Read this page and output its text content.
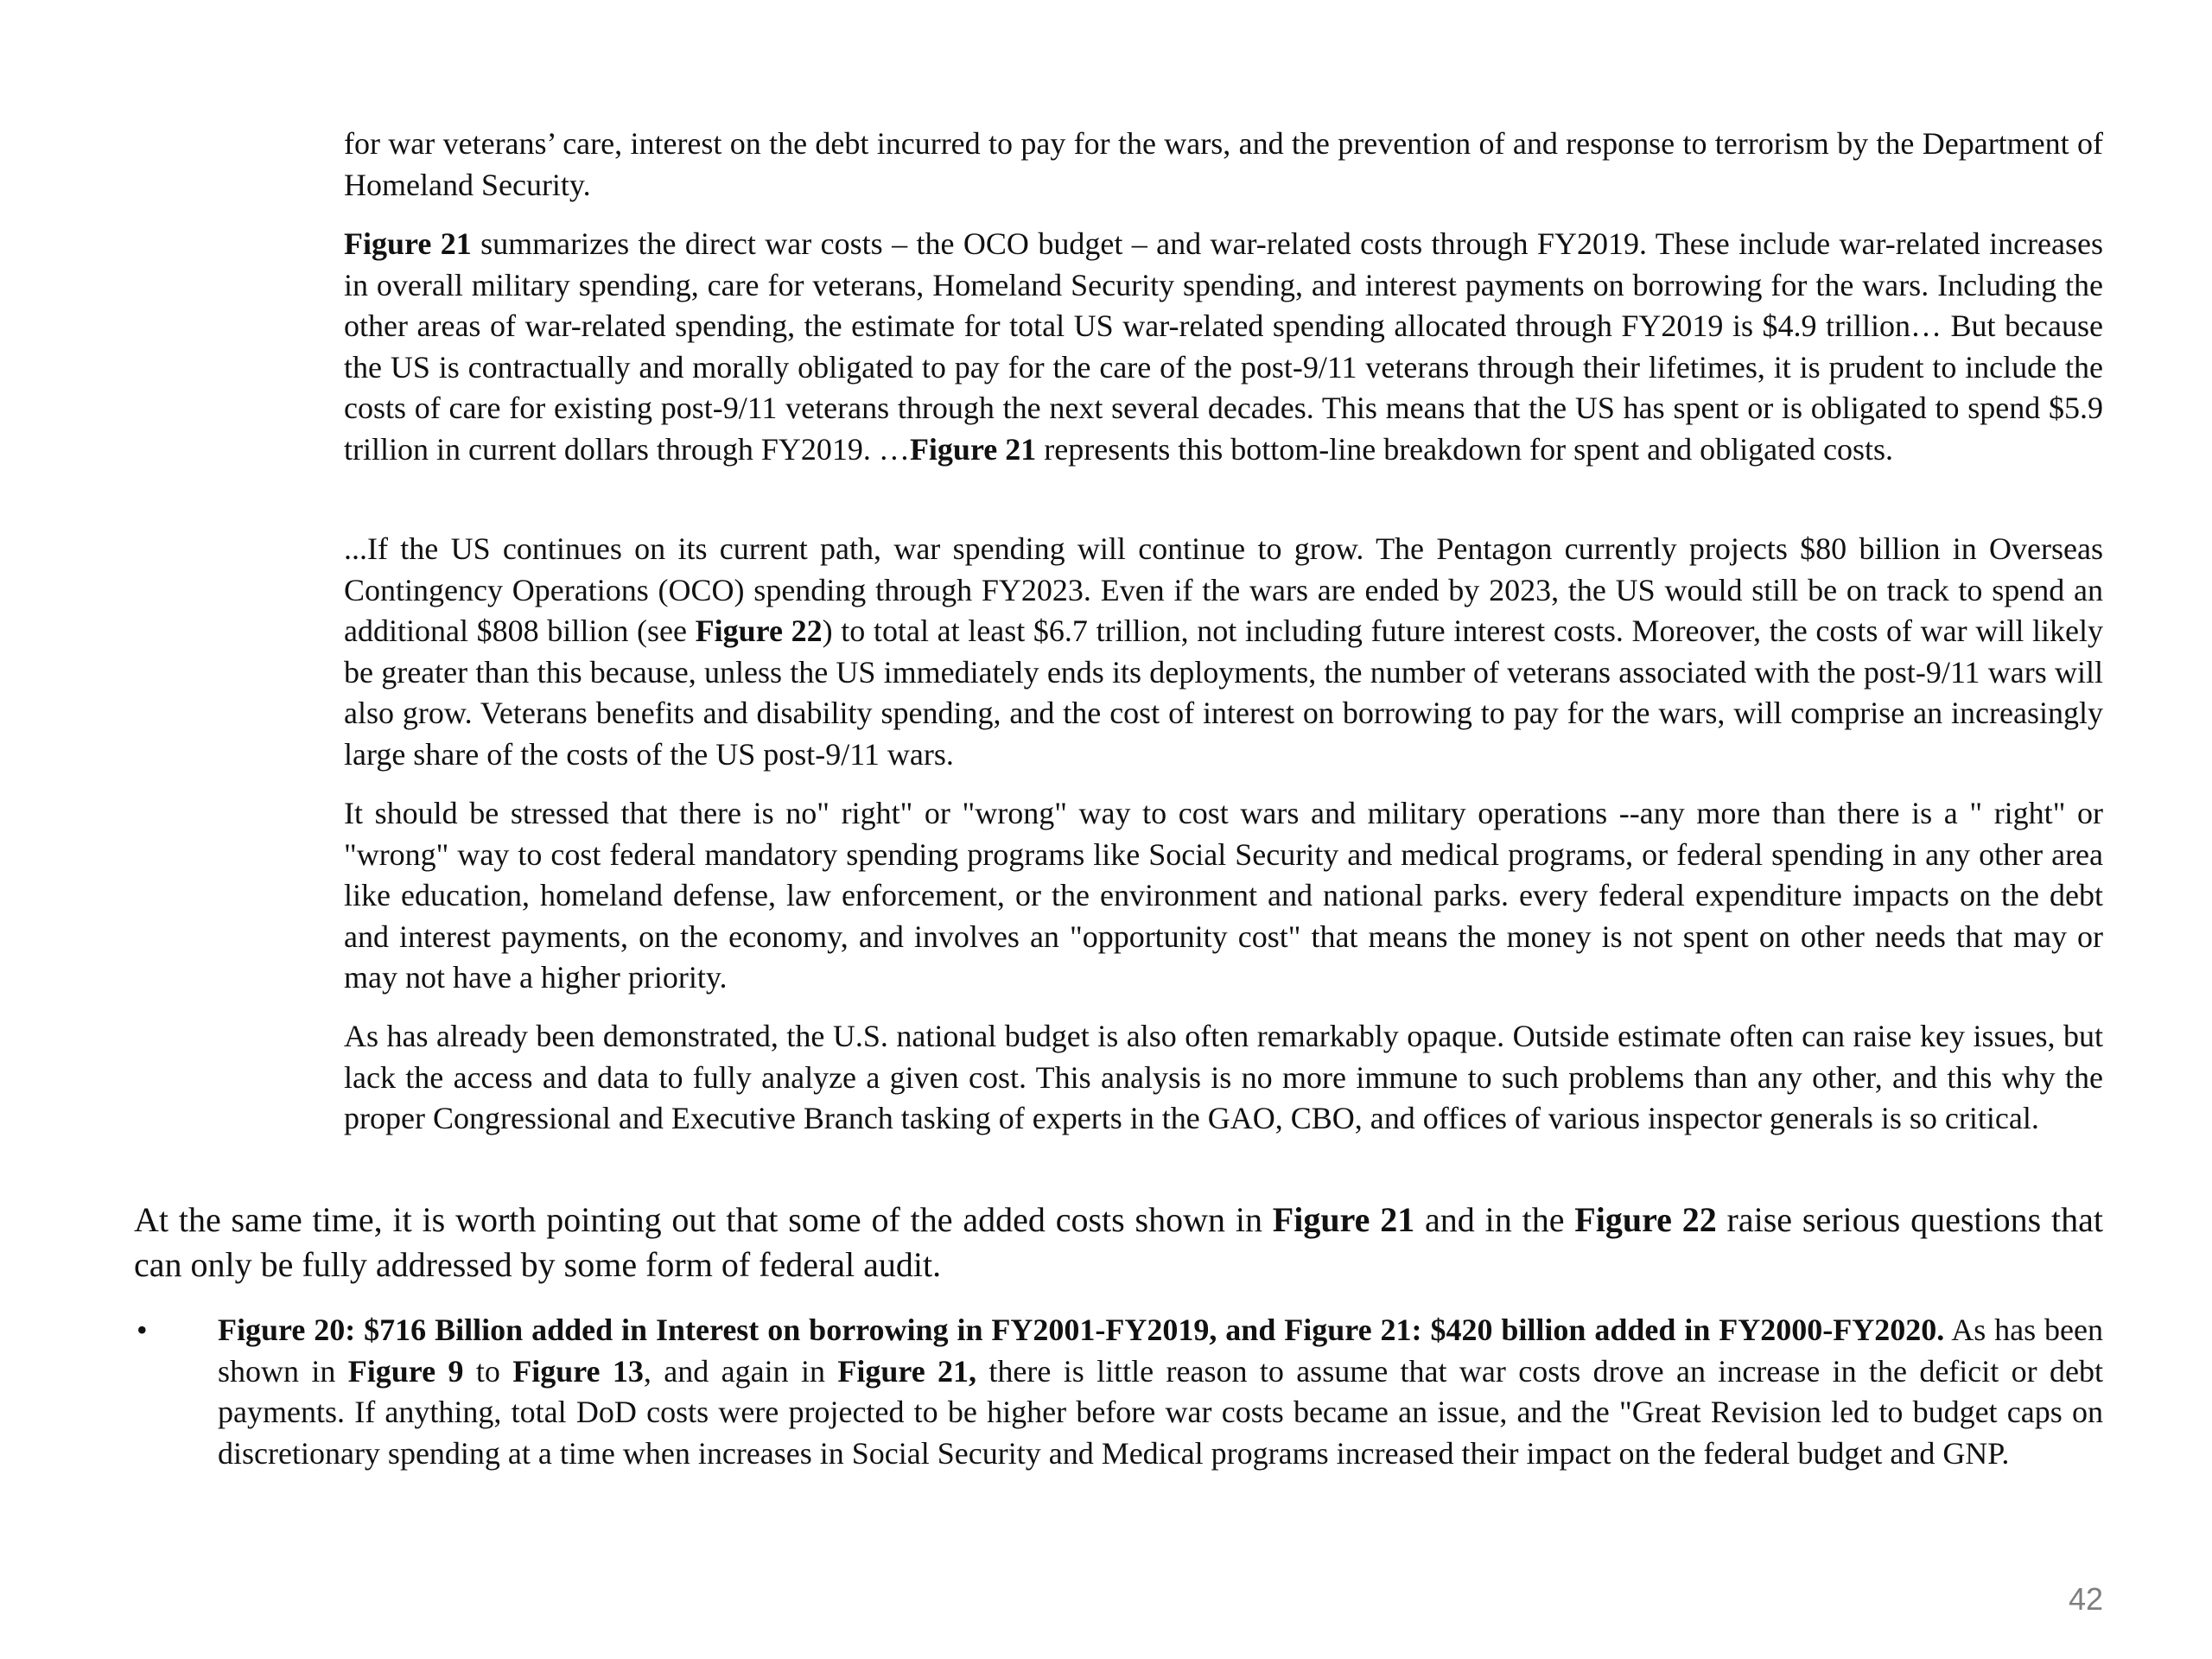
for war veterans’ care, interest on the debt incurred to pay for the wars, and the prevention of and response to terrorism by the Department of Homeland Security.

Figure 21 summarizes the direct war costs – the OCO budget – and war-related costs through FY2019. These include war-related increases in overall military spending, care for veterans, Homeland Security spending, and interest payments on borrowing for the wars. Including the other areas of war-related spending, the estimate for total US war-related spending allocated through FY2019 is $4.9 trillion… But because the US is contractually and morally obligated to pay for the care of the post-9/11 veterans through their lifetimes, it is prudent to include the costs of care for existing post-9/11 veterans through the next several decades. This means that the US has spent or is obligated to spend $5.9 trillion in current dollars through FY2019. …Figure 21 represents this bottom-line breakdown for spent and obligated costs.

...If the US continues on its current path, war spending will continue to grow. The Pentagon currently projects $80 billion in Overseas Contingency Operations (OCO) spending through FY2023. Even if the wars are ended by 2023, the US would still be on track to spend an additional $808 billion (see Figure 22) to total at least $6.7 trillion, not including future interest costs. Moreover, the costs of war will likely be greater than this because, unless the US immediately ends its deployments, the number of veterans associated with the post-9/11 wars will also grow. Veterans benefits and disability spending, and the cost of interest on borrowing to pay for the wars, will comprise an increasingly large share of the costs of the US post-9/11 wars.

It should be stressed that there is no" right" or "wrong" way to cost wars and military operations --any more than there is a " right" or "wrong" way to cost federal mandatory spending programs like Social Security and medical programs, or federal spending in any other area like education, homeland defense, law enforcement, or the environment and national parks. every federal expenditure impacts on the debt and interest payments, on the economy, and involves an "opportunity cost" that means the money is not spent on other needs that may or may not have a higher priority.

As has already been demonstrated, the U.S. national budget is also often remarkably opaque. Outside estimate often can raise key issues, but lack the access and data to fully analyze a given cost. This analysis is no more immune to such problems than any other, and this why the proper Congressional and Executive Branch tasking of experts in the GAO, CBO, and offices of various inspector generals is so critical.

At the same time, it is worth pointing out that some of the added costs shown in Figure 21 and in the Figure 22 raise serious questions that can only be fully addressed by some form of federal audit.

• Figure 20: $716 Billion added in Interest on borrowing in FY2001-FY2019, and Figure 21: $420 billion added in FY2000-FY2020. As has been shown in Figure 9 to Figure 13, and again in Figure 21, there is little reason to assume that war costs drove an increase in the deficit or debt payments. If anything, total DoD costs were projected to be higher before war costs became an issue, and the "Great Revision led to budget caps on discretionary spending at a time when increases in Social Security and Medical programs increased their impact on the federal budget and GNP.

42
